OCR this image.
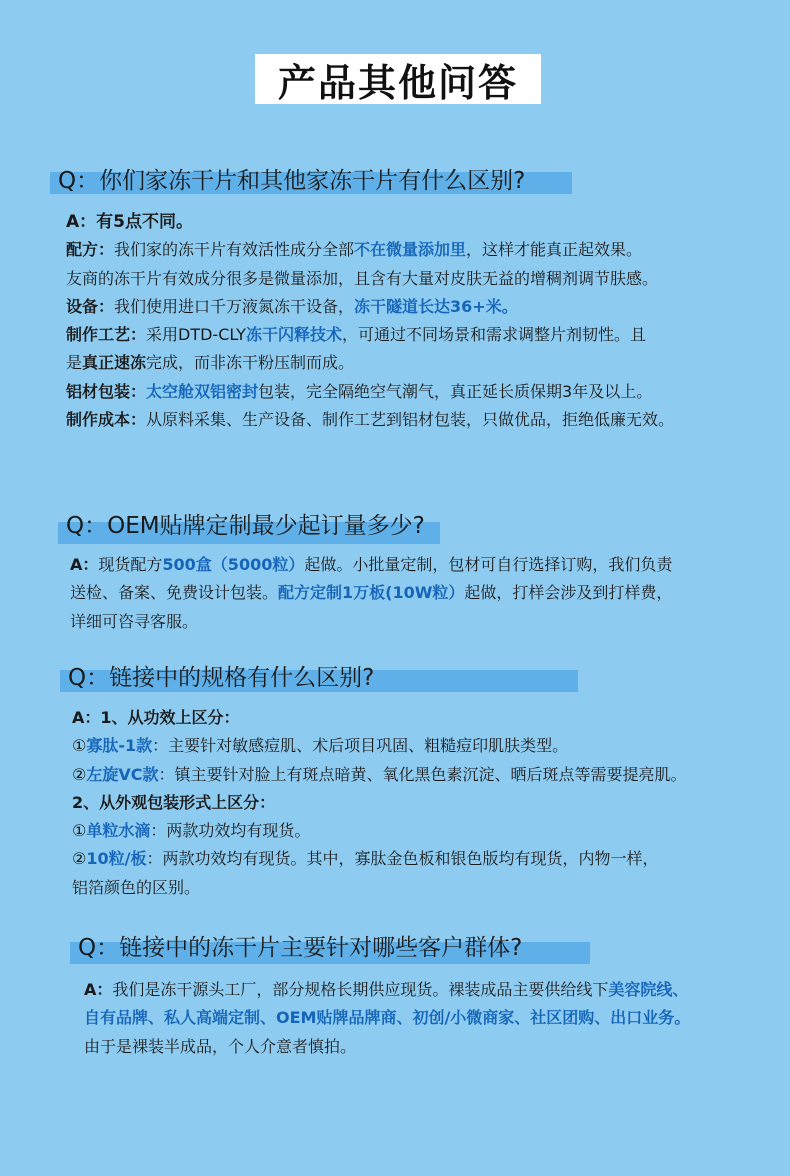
产品其他问答
Q：你们家冻干片和其他家冻干片有什么区别?
A：有5点不同。
配方：我们家的冻干片有效活性成分全部不在微量添加里，这样才能真正起效果。
友商的冻干片有效成分很多是微量添加，且含有大量对皮肤无益的增稠剂调节肤感。
设备：我们使用进口千万液氮冻干设备，冻干隧道长达36+米。
制作工艺：采用DTD-CLY冻干闪释技术，可通过不同场景和需求调整片剂韧性。且
是真正速冻完成，而非冻干粉压制而成。
铝材包装：太空舱双铝密封包装，完全隔绝空气潮气，真正延长质保期3年及以上。
制作成本：从原料采集、生产设备、制作工艺到铝材包装，只做优品，拒绝低廉无效。
Q：OEM贴牌定制最少起订量多少?
A：现货配方500盒（5000粒）起做。小批量定制，包材可自行选择订购，我们负责
送检、备案、免费设计包装。配方定制1万板(10W粒）起做，打样会涉及到打样费，
详细可咨寻客服。
Q：链接中的规格有什么区别?
A：1、从功效上区分：
①寡肽-1款：主要针对敏感痘肌、术后项目巩固、粗糙痘印肌肤类型。
②左旋VC款：镇主要针对脸上有斑点暗黄、氧化黑色素沉淀、晒后斑点等需要提亮肌。
2、从外观包装形式上区分：
①单粒水滴：两款功效均有现货。
②10粒/板：两款功效均有现货。其中，寡肽金色板和银色版均有现货，内物一样，
铝箔颜色的区别。
Q：链接中的冻干片主要针对哪些客户群体?
A：我们是冻干源头工厂，部分规格长期供应现货。裸装成品主要供给线下美容院线、
自有品牌、私人高端定制、OEM贴牌品牌商、初创/小微商家、社区团购、出口业务。
由于是裸装半成品，个人介意者慎拍。
